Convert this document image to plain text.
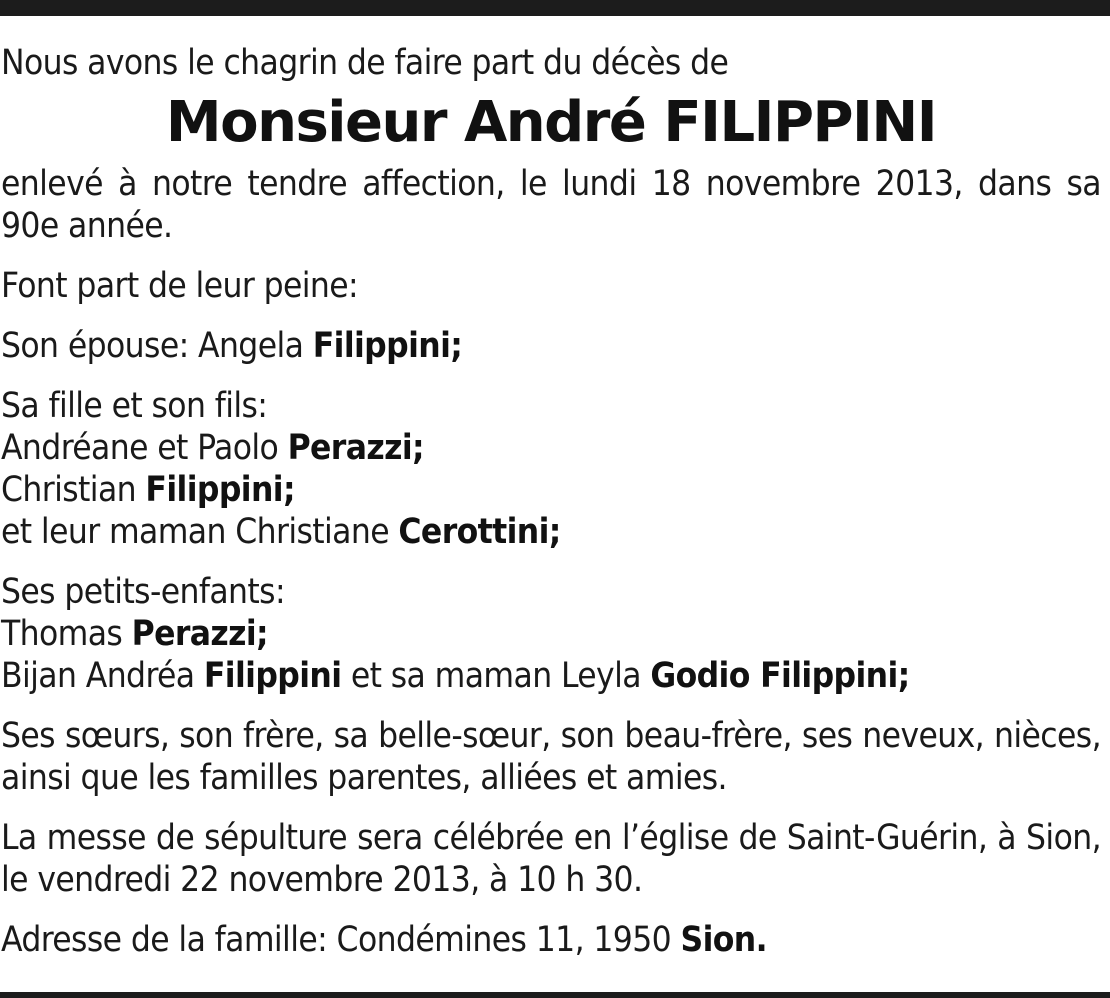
Nous avons le chagrin de faire part du décès de

Monsieur André FILIPPINI

enlevé à notre tendre affection, le lundi 18 novembre 2013, dans sa 90e année.

Font part de leur peine:

Son épouse: Angela Filippini;

Sa fille et son fils:

Andréane et Paolo Perazzi;

Christian Filippini;

et leur maman Christiane Cerottini;

Ses petits-enfants:

Thomas Perazzi;

Bijan Andréa Filippini et sa maman Leyla Godio Filippini;

Ses sœurs, son frère, sa belle-sœur, son beau-frère, ses neveux, nièces, ainsi que les familles parentes, alliées et amies.

La messe de sépulture sera célébrée en l’église de Saint-Guérin, à Sion, le vendredi 22 novembre 2013, à 10 h 30.

Adresse de la famille: Condémines 11, 1950 Sion.
